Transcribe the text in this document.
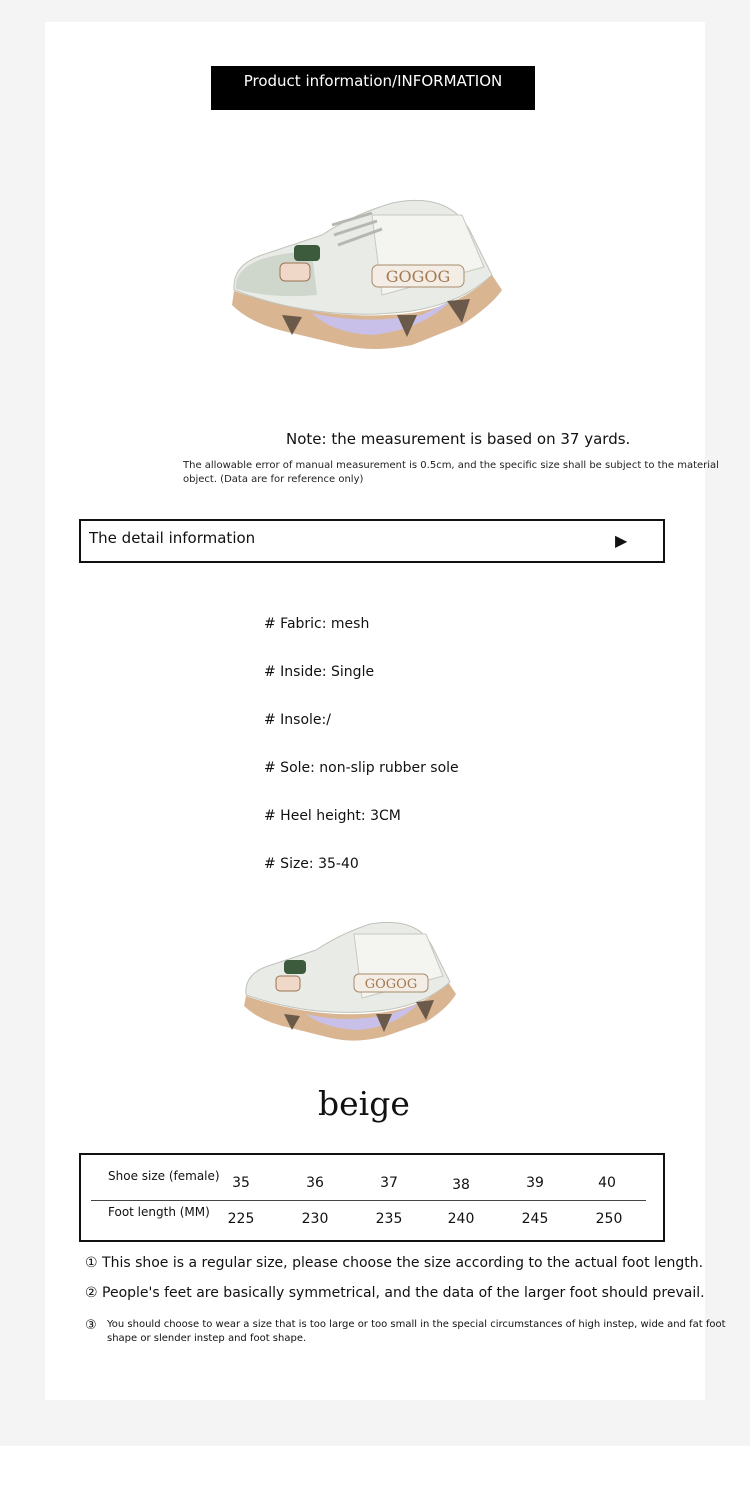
Product information/INFORMATION
GOGOG
Note: the measurement is based on 37 yards.
The allowable error of manual measurement is 0.5cm, and the specific size shall be subject to the material object. (Data are for reference only)
The detail information	▶
# Fabric: mesh
# Inside: Single
# Insole:/
# Sole: non-slip rubber sole
# Heel height: 3CM
# Size: 35-40
GOGOG
beige
Shoe size (female) 35	36	37	38	39	40
Foot length (MM)	225	230	235	240	245	250
① This shoe is a regular size, please choose the size according to the actual foot length.
② People's feet are basically symmetrical, and the data of the larger foot should prevail.
③ You should choose to wear a size that is too large or too small in the special circumstances of high instep, wide and fat foot shape or slender instep and foot shape.
